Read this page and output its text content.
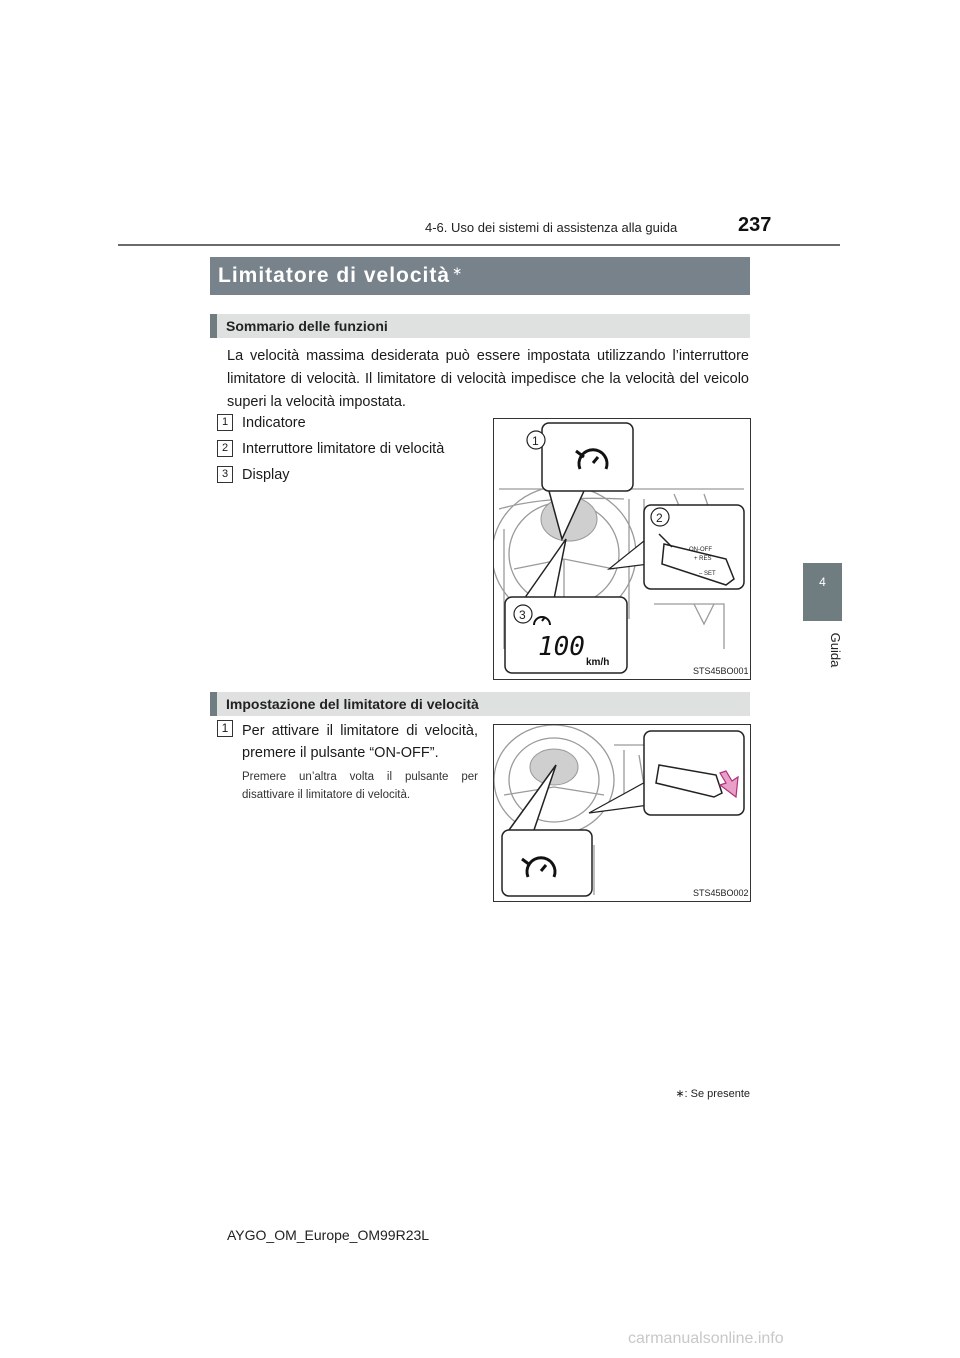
4-6. Uso dei sistemi di assistenza alla guida	237
4
Guida
Limitatore di velocità ∗
Sommario delle funzioni
La velocità massima desiderata può essere impostata utilizzando l’interruttore limitatore di velocità. Il limitatore di velocità impedisce che la velocità del veicolo superi la velocità impostata.
1 Indicatore
2 Interruttore limitatore di velocità
3 Display
ON-OFF
+ RES
– SET
100
km/h
1
2
3
STS45BO001
Impostazione del limitatore di velocità
1 Per attivare il limitatore di velocità, premere il pulsante “ON-OFF”.
Premere un’altra volta il pulsante per disattivare il limitatore di velocità.
STS45BO002
∗: Se presente
AYGO_OM_Europe_OM99R23L
carmanualsonline.info
